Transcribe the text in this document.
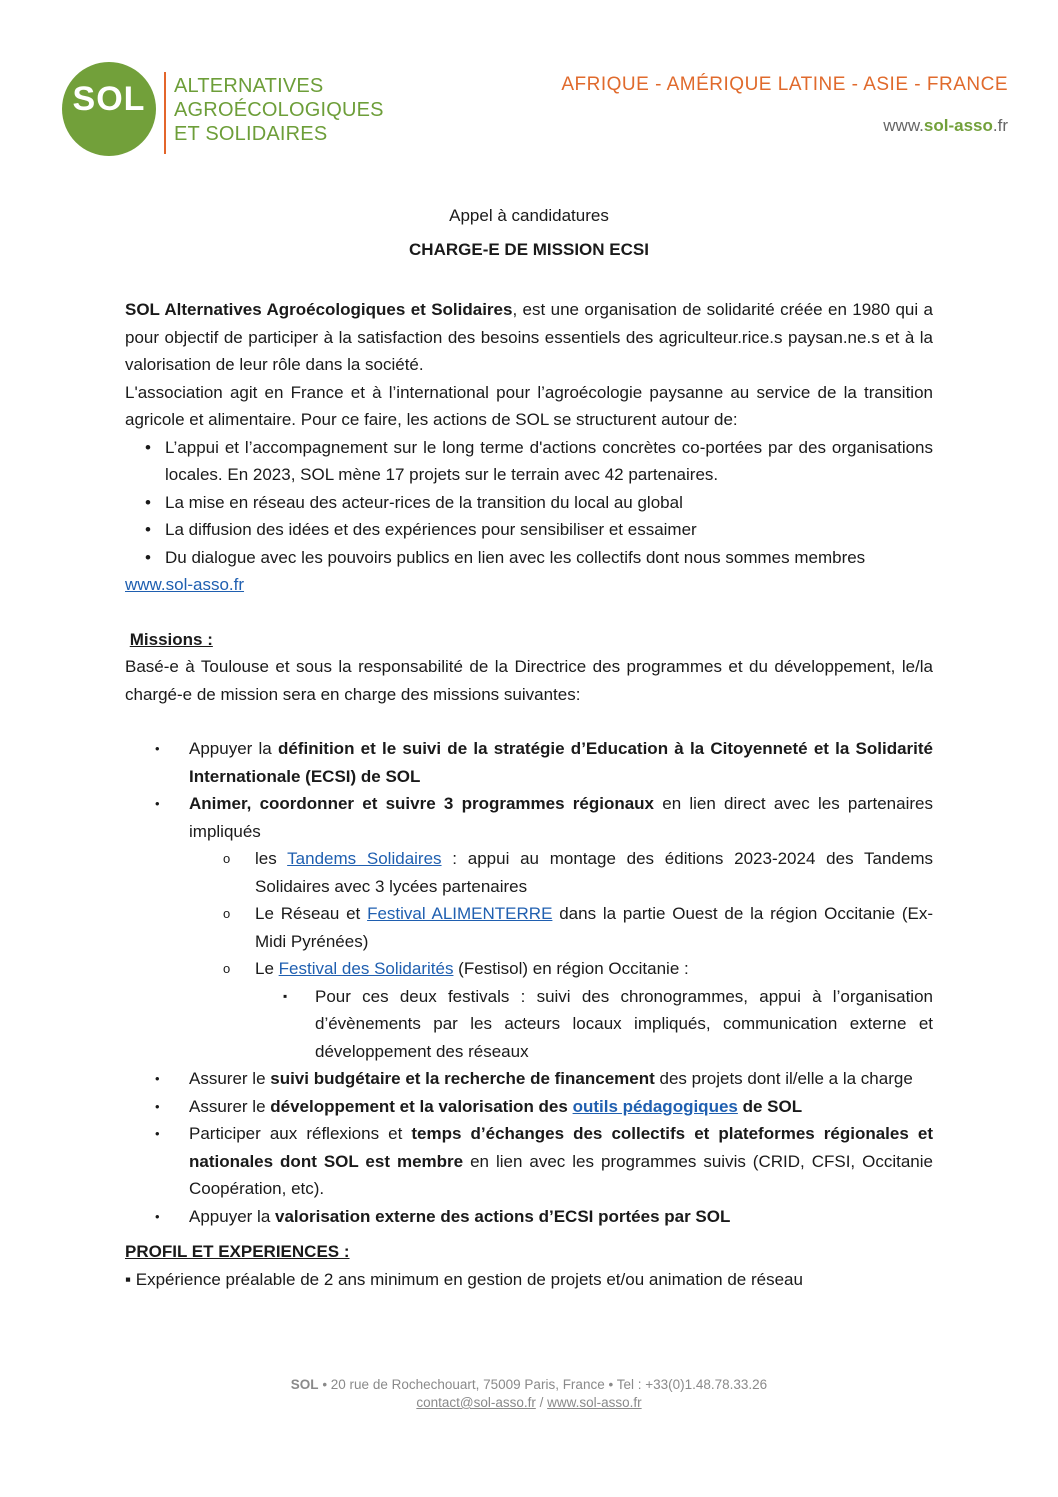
SOL	ALTERNATIVES
AGROÉCOLOGIQUES
ET SOLIDAIRES
AFRIQUE - AMÉRIQUE LATINE - ASIE - FRANCE
www.sol-asso.fr
Appel à candidatures
CHARGE-E DE MISSION ECSI
SOL Alternatives Agroécologiques et Solidaires, est une organisation de solidarité créée en 1980 qui a pour objectif de participer à la satisfaction des besoins essentiels des agriculteur.rice.s paysan.ne.s et à la valorisation de leur rôle dans la société.
L'association agit en France et à l’international pour l’agroécologie paysanne au service de la transition agricole et alimentaire. Pour ce faire, les actions de SOL se structurent autour de:
• L’appui et l’accompagnement sur le long terme d'actions concrètes co-portées par des organisations locales. En 2023, SOL mène 17 projets sur le terrain avec 42 partenaires.
• La mise en réseau des acteur-rices de la transition du local au global
• La diffusion des idées et des expériences pour sensibiliser et essaimer
• Du dialogue avec les pouvoirs publics en lien avec les collectifs dont nous sommes membres
www.sol-asso.fr
Missions :
Basé-e à Toulouse et sous la responsabilité de la Directrice des programmes et du développement, le/la chargé-e de mission sera en charge des missions suivantes:
• Appuyer la définition et le suivi de la stratégie d’Education à la Citoyenneté et la Solidarité Internationale (ECSI) de SOL
• Animer, coordonner et suivre 3 programmes régionaux en lien direct avec les partenaires impliqués
o les Tandems Solidaires : appui au montage des éditions 2023-2024 des Tandems Solidaires avec 3 lycées partenaires
o Le Réseau et Festival ALIMENTERRE dans la partie Ouest de la région Occitanie (Ex-Midi Pyrénées)
o Le Festival des Solidarités (Festisol) en région Occitanie :
▪ Pour ces deux festivals : suivi des chronogrammes, appui à l’organisation d’évènements par les acteurs locaux impliqués, communication externe et développement des réseaux
• Assurer le suivi budgétaire et la recherche de financement des projets dont il/elle a la charge
• Assurer le développement et la valorisation des outils pédagogiques de SOL
• Participer aux réflexions et temps d’échanges des collectifs et plateformes régionales et nationales dont SOL est membre en lien avec les programmes suivis (CRID, CFSI, Occitanie Coopération, etc).
• Appuyer la valorisation externe des actions d’ECSI portées par SOL
PROFIL ET EXPERIENCES :
▪ Expérience préalable de 2 ans minimum en gestion de projets et/ou animation de réseau
SOL • 20 rue de Rochechouart, 75009 Paris, France • Tel : +33(0)1.48.78.33.26
contact@sol-asso.fr / www.sol-asso.fr
